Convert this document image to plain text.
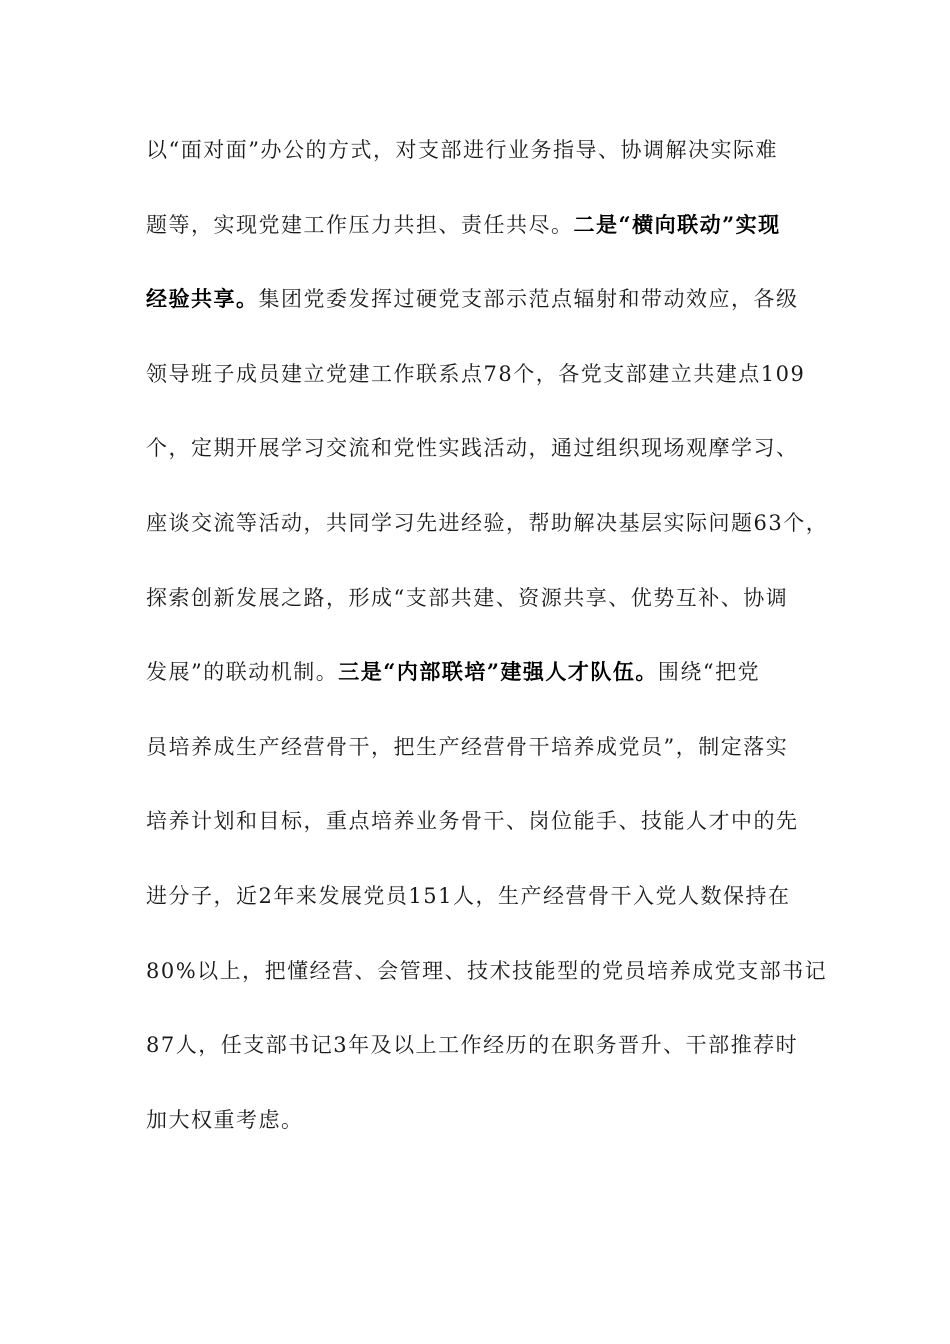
以“面对面”办公的方式，对支部进行业务指导、协调解决实际难
题等，实现党建工作压力共担、责任共尽。二是“横向联动”实现
经验共享。集团党委发挥过硬党支部示范点辐射和带动效应，各级
领导班子成员建立党建工作联系点78个，各党支部建立共建点109
个，定期开展学习交流和党性实践活动，通过组织现场观摩学习、
座谈交流等活动，共同学习先进经验，帮助解决基层实际问题63个，
探索创新发展之路，形成“支部共建、资源共享、优势互补、协调
发展”的联动机制。三是“内部联培”建强人才队伍。围绕“把党
员培养成生产经营骨干，把生产经营骨干培养成党员”，制定落实
培养计划和目标，重点培养业务骨干、岗位能手、技能人才中的先
进分子，近2年来发展党员151人，生产经营骨干入党人数保持在
80%以上，把懂经营、会管理、技术技能型的党员培养成党支部书记
87人，任支部书记3年及以上工作经历的在职务晋升、干部推荐时
加大权重考虑。
